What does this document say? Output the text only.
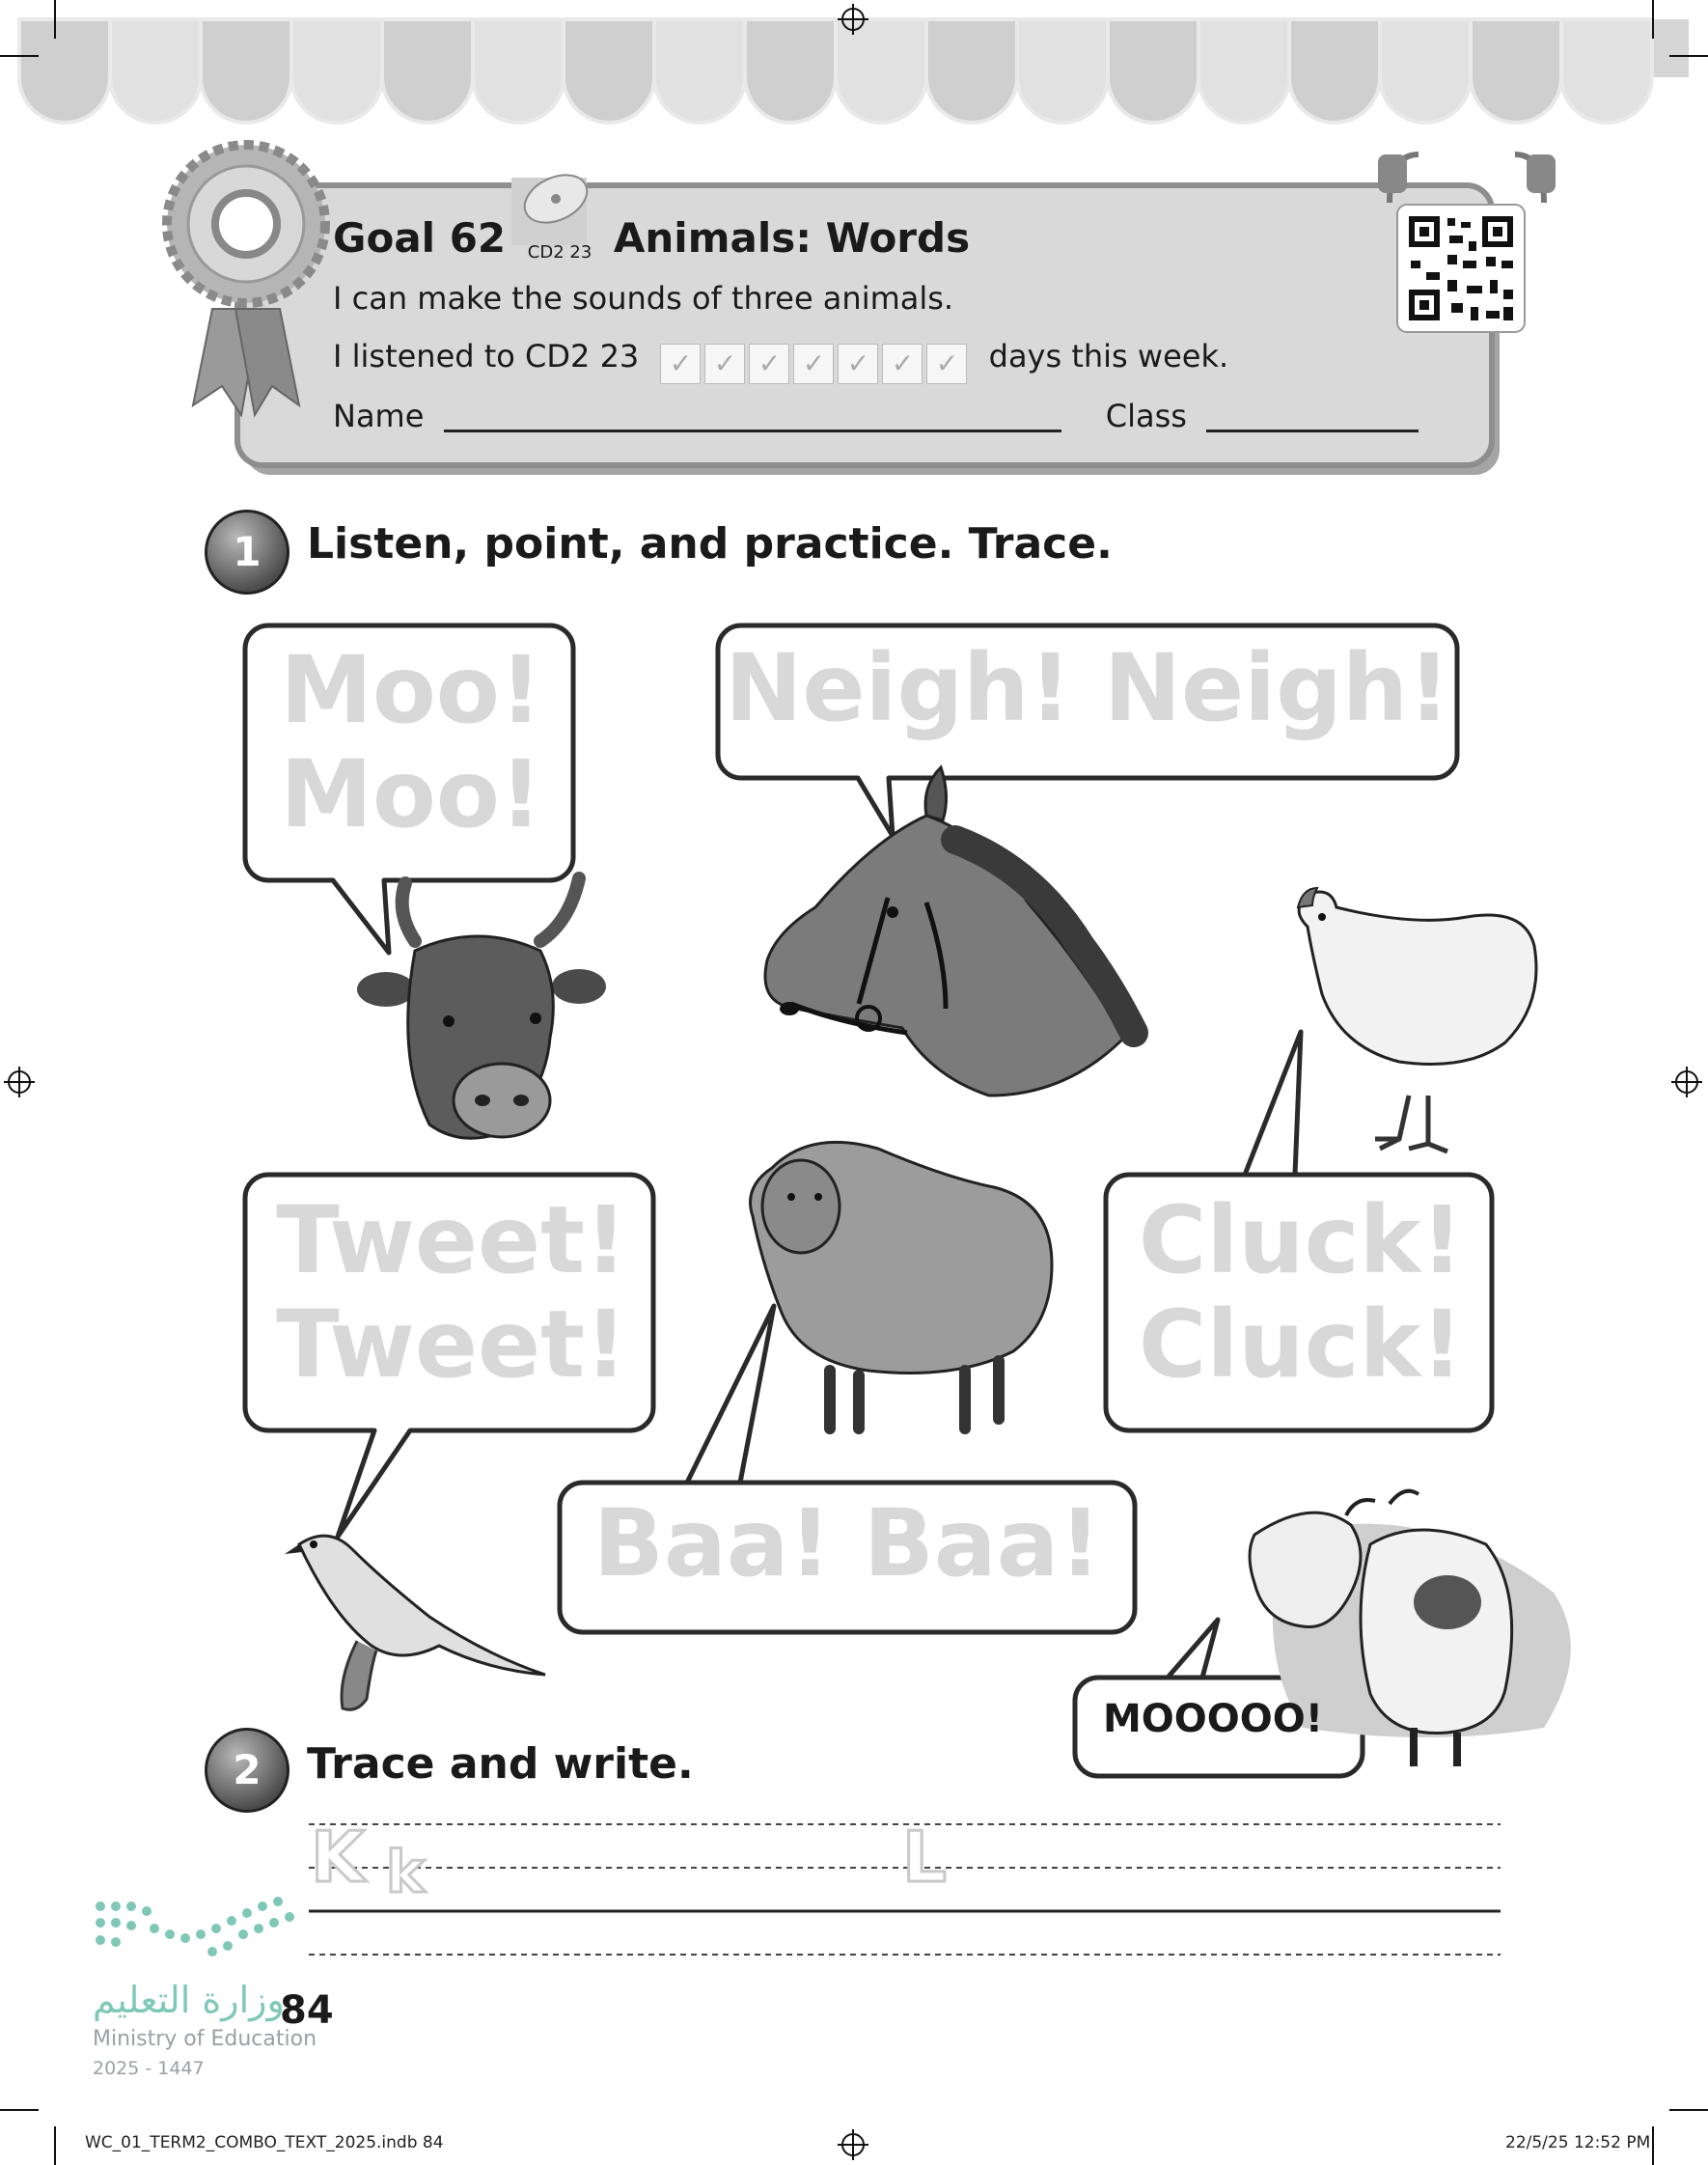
Goal 62 CD2 23 Animals: Words
I can make the sounds of three animals.
I listened to CD2 23	✓ ✓ ✓ ✓ ✓ ✓ ✓ days this week.
Name	Class
1	Listen, point, and practice. Trace.
Moo!
Moo!
Neigh! Neigh!
Tweet!
Tweet!
Cluck!
Cluck!
Baa! Baa!
MOOOOO!
2	Trace and write.
K k	L
وزارة التعليم
84
Ministry of Education
2025 - 1447
WC_01_TERM2_COMBO_TEXT_2025.indb 84	22/5/25 12:52 PM
